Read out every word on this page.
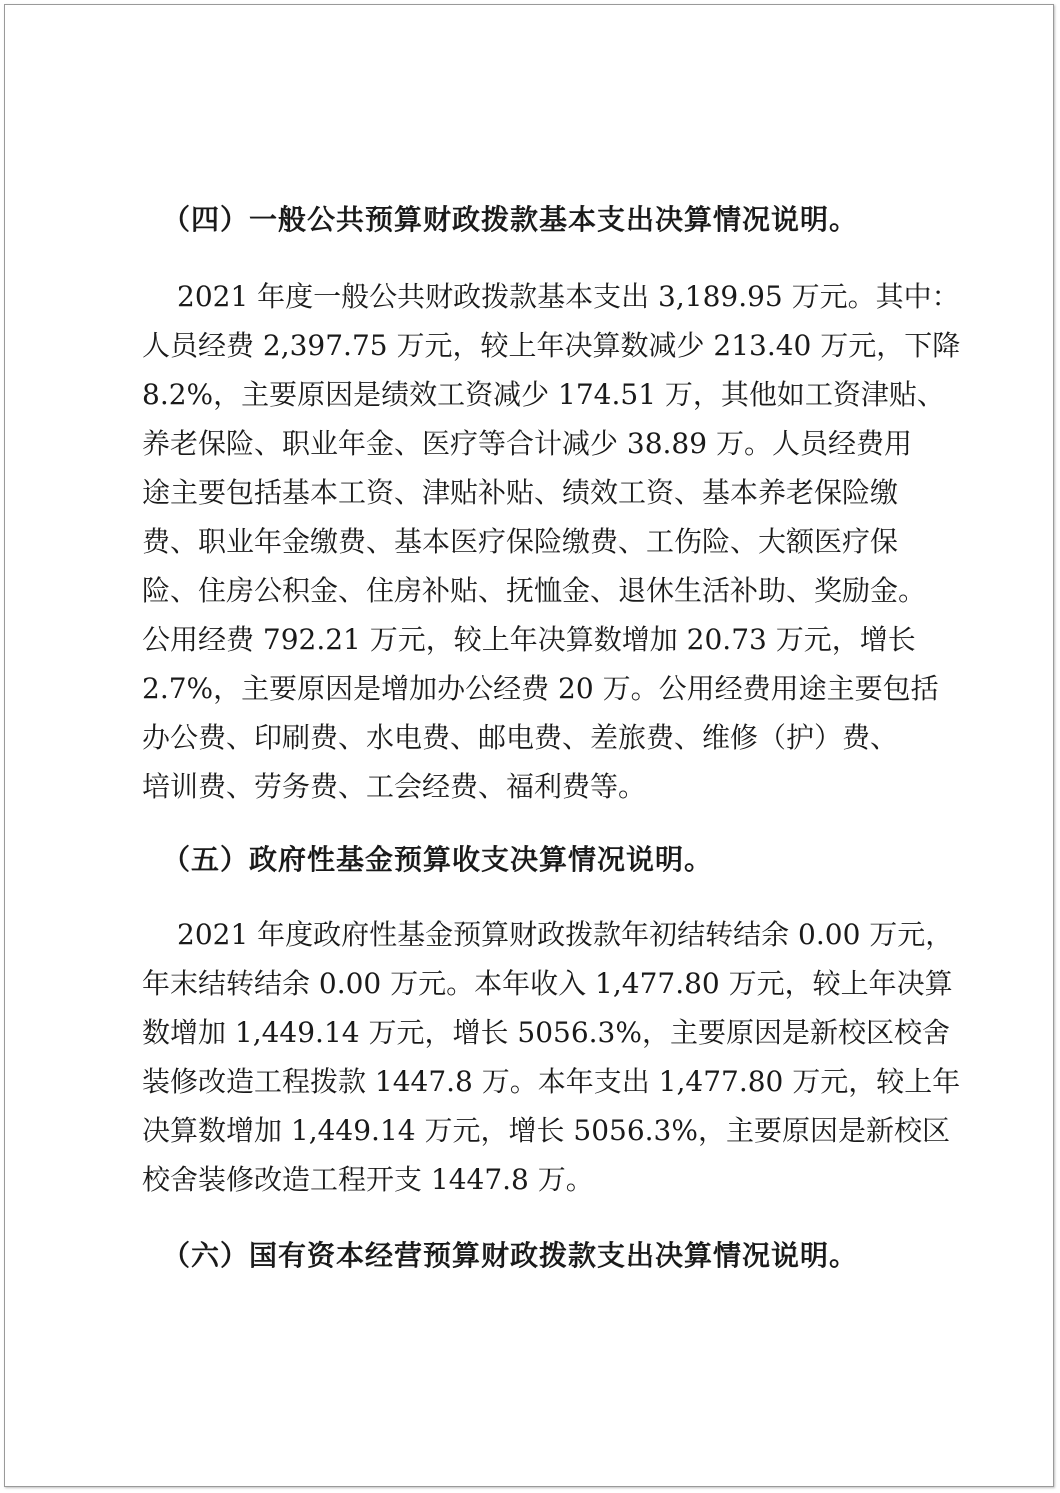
（四）一般公共预算财政拨款基本支出决算情况说明。
2021 年度一般公共财政拨款基本支出 3,189.95 万元。其中：
人员经费 2,397.75 万元，较上年决算数减少 213.40 万元，下降
8.2%，主要原因是绩效工资减少 174.51 万，其他如工资津贴、
养老保险、职业年金、医疗等合计减少 38.89 万。人员经费用
途主要包括基本工资、津贴补贴、绩效工资、基本养老保险缴
费、职业年金缴费、基本医疗保险缴费、工伤险、大额医疗保
险、住房公积金、住房补贴、抚恤金、退休生活补助、奖励金。
公用经费 792.21 万元，较上年决算数增加 20.73 万元，增长
2.7%，主要原因是增加办公经费 20 万。公用经费用途主要包括
办公费、印刷费、水电费、邮电费、差旅费、维修（护）费、
培训费、劳务费、工会经费、福利费等。
（五）政府性基金预算收支决算情况说明。
2021 年度政府性基金预算财政拨款年初结转结余 0.00 万元，
年末结转结余 0.00 万元。本年收入 1,477.80 万元，较上年决算
数增加 1,449.14 万元，增长 5056.3%，主要原因是新校区校舍
装修改造工程拨款 1447.8 万。本年支出 1,477.80 万元，较上年
决算数增加 1,449.14 万元，增长 5056.3%，主要原因是新校区
校舍装修改造工程开支 1447.8 万。
（六）国有资本经营预算财政拨款支出决算情况说明。
